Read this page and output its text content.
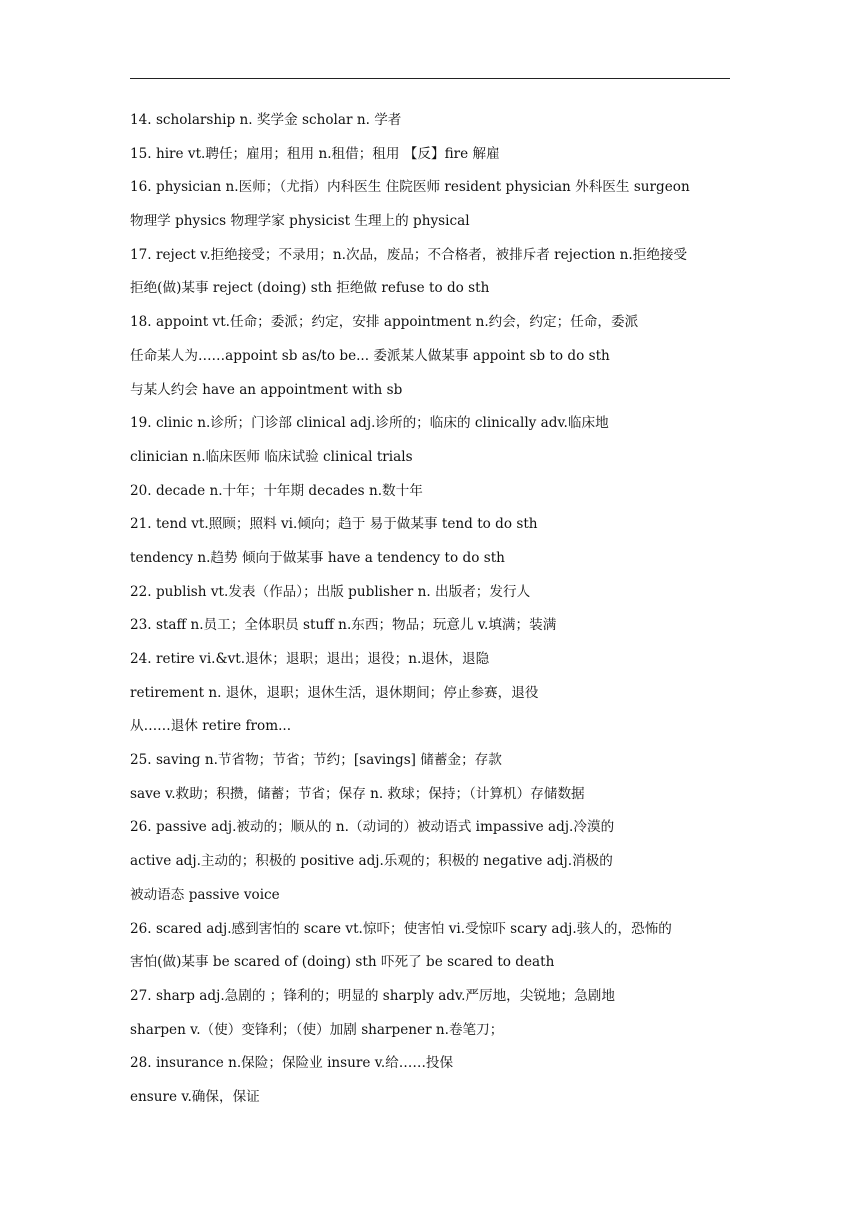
14. scholarship n. 奖学金 scholar n. 学者
15. hire vt.聘任；雇用；租用 n.租借；租用 【反】fire 解雇
16. physician n.医师；（尤指）内科医生 住院医师 resident physician 外科医生 surgeon
物理学 physics 物理学家 physicist 生理上的 physical
17. reject v.拒绝接受；不录用；n.次品，废品；不合格者，被排斥者 rejection n.拒绝接受
拒绝(做)某事 reject (doing) sth 拒绝做 refuse to do sth
18. appoint vt.任命；委派；约定，安排 appointment n.约会，约定；任命，委派
任命某人为……appoint sb as/to be... 委派某人做某事 appoint sb to do sth
与某人约会 have an appointment with sb
19. clinic n.诊所；门诊部 clinical adj.诊所的；临床的 clinically adv.临床地
clinician n.临床医师 临床试验 clinical trials
20. decade n.十年；十年期 decades n.数十年
21. tend vt.照顾；照料 vi.倾向；趋于 易于做某事 tend to do sth
tendency n.趋势 倾向于做某事 have a tendency to do sth
22. publish vt.发表（作品）；出版 publisher n. 出版者；发行人
23. staff n.员工；全体职员 stuff n.东西；物品；玩意儿 v.填满；装满
24. retire vi.&vt.退休；退职；退出；退役；n.退休，退隐
retirement n. 退休，退职；退休生活，退休期间；停止参赛，退役
从……退休 retire from...
25. saving n.节省物；节省；节约；[savings] 储蓄金；存款
save v.救助；积攒，储蓄；节省；保存 n. 救球；保持；（计算机）存储数据
26. passive adj.被动的；顺从的 n.（动词的）被动语式 impassive adj.冷漠的
active adj.主动的；积极的 positive adj.乐观的；积极的 negative adj.消极的
被动语态 passive voice
26. scared adj.感到害怕的 scare vt.惊吓；使害怕 vi.受惊吓 scary adj.骇人的，恐怖的
害怕(做)某事 be scared of (doing) sth 吓死了 be scared to death
27. sharp adj.急剧的 ；锋利的；明显的 sharply adv.严厉地，尖锐地；急剧地
sharpen v.（使）变锋利；（使）加剧 sharpener n.卷笔刀；
28. insurance n.保险；保险业 insure v.给……投保
ensure v.确保，保证
